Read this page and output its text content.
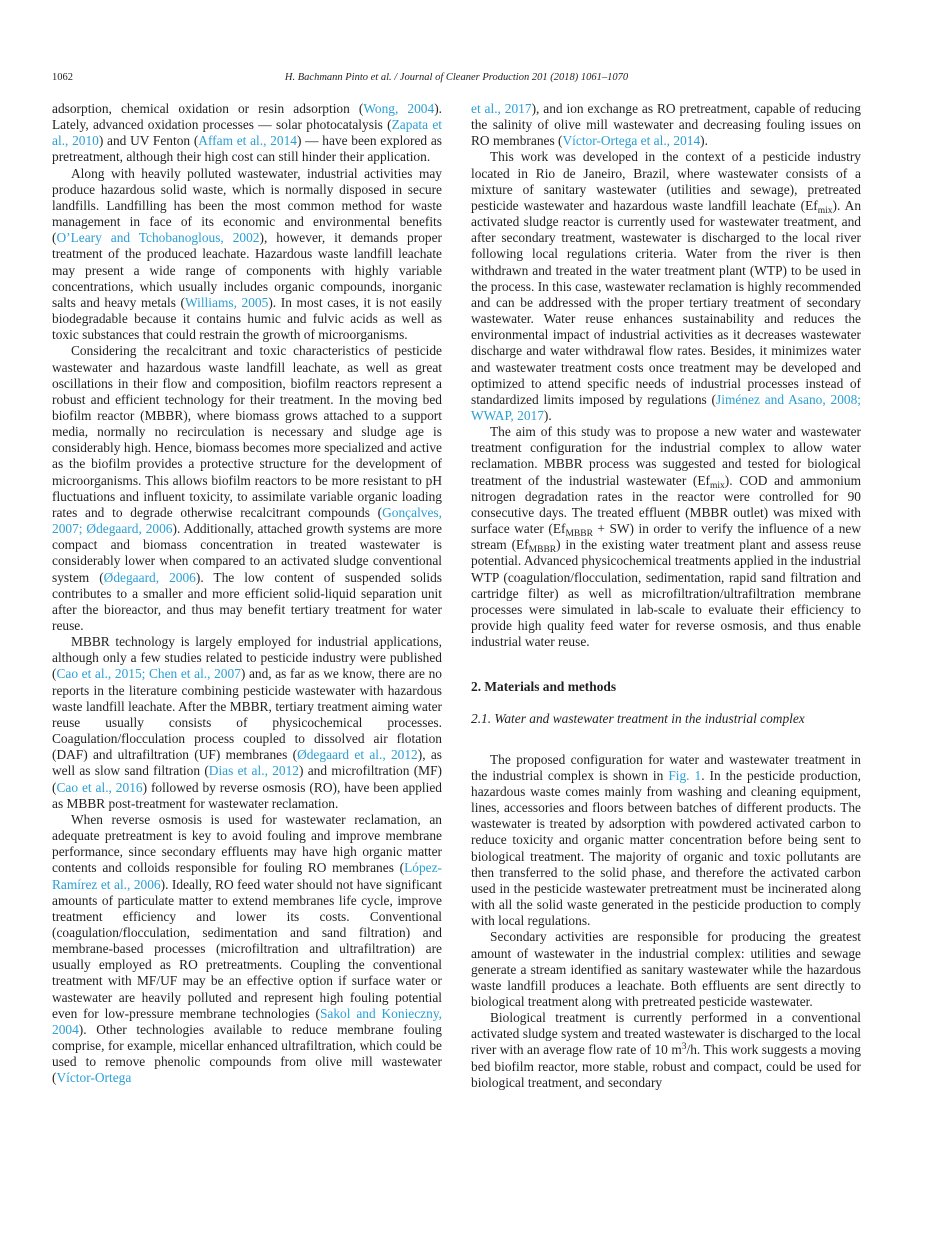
1062	H. Bachmann Pinto et al. / Journal of Cleaner Production 201 (2018) 1061–1070

adsorption, chemical oxidation or resin adsorption (Wong, 2004). Lately, advanced oxidation processes — solar photocatalysis (Zapata et al., 2010) and UV Fenton (Affam et al., 2014) — have been explored as pretreatment, although their high cost can still hinder their application.

Along with heavily polluted wastewater, industrial activities may produce hazardous solid waste, which is normally disposed in secure landfills. Landfilling has been the most common method for waste management in face of its economic and environmental benefits (O’Leary and Tchobanoglous, 2002), however, it demands proper treatment of the produced leachate. Hazardous waste landfill leachate may present a wide range of components with highly variable concentrations, which usually includes organic compounds, inorganic salts and heavy metals (Williams, 2005). In most cases, it is not easily biodegradable because it contains humic and fulvic acids as well as toxic substances that could restrain the growth of microorganisms.

Considering the recalcitrant and toxic characteristics of pesticide wastewater and hazardous waste landfill leachate, as well as great oscillations in their flow and composition, biofilm reactors represent a robust and efficient technology for their treatment. In the moving bed biofilm reactor (MBBR), where biomass grows attached to a support media, normally no recirculation is necessary and sludge age is considerably high. Hence, biomass becomes more specialized and active as the biofilm provides a protective structure for the development of microorganisms. This allows biofilm reactors to be more resistant to pH fluctuations and influent toxicity, to assimilate variable organic loading rates and to degrade otherwise recalcitrant compounds (Gonçalves, 2007; Ødegaard, 2006). Additionally, attached growth systems are more compact and biomass concentration in treated wastewater is considerably lower when compared to an activated sludge conventional system (Ødegaard, 2006). The low content of suspended solids contributes to a smaller and more efficient solid-liquid separation unit after the bioreactor, and thus may benefit tertiary treatment for water reuse.

MBBR technology is largely employed for industrial applications, although only a few studies related to pesticide industry were published (Cao et al., 2015; Chen et al., 2007) and, as far as we know, there are no reports in the literature combining pesticide wastewater with hazardous waste landfill leachate. After the MBBR, tertiary treatment aiming water reuse usually consists of physicochemical processes. Coagulation/flocculation process coupled to dissolved air flotation (DAF) and ultrafiltration (UF) membranes (Ødegaard et al., 2012), as well as slow sand filtration (Dias et al., 2012) and microfiltration (MF) (Cao et al., 2016) followed by reverse osmosis (RO), have been applied as MBBR post-treatment for wastewater reclamation.

When reverse osmosis is used for wastewater reclamation, an adequate pretreatment is key to avoid fouling and improve membrane performance, since secondary effluents may have high organic matter contents and colloids responsible for fouling RO membranes (López-Ramírez et al., 2006). Ideally, RO feed water should not have significant amounts of particulate matter to extend membranes life cycle, improve treatment efficiency and lower its costs. Conventional (coagulation/flocculation, sedimentation and sand filtration) and membrane-based processes (microfiltration and ultrafiltration) are usually employed as RO pretreatments. Coupling the conventional treatment with MF/UF may be an effective option if surface water or wastewater are heavily polluted and represent high fouling potential even for low-pressure membrane technologies (Sakol and Konieczny, 2004). Other technologies available to reduce membrane fouling comprise, for example, micellar enhanced ultrafiltration, which could be used to remove phenolic compounds from olive mill wastewater (Víctor-Ortega

et al., 2017), and ion exchange as RO pretreatment, capable of reducing the salinity of olive mill wastewater and decreasing fouling issues on RO membranes (Víctor-Ortega et al., 2014).

This work was developed in the context of a pesticide industry located in Rio de Janeiro, Brazil, where wastewater consists of a mixture of sanitary wastewater (utilities and sewage), pretreated pesticide wastewater and hazardous waste landfill leachate $(Ef_{mix})$. An activated sludge reactor is currently used for wastewater treatment, and after secondary treatment, wastewater is discharged to the local river following local regulations criteria. Water from the river is then withdrawn and treated in the water treatment plant (WTP) to be used in the process. In this case, wastewater reclamation is highly recommended and can be addressed with the proper tertiary treatment of secondary wastewater. Water reuse enhances sustainability and reduces the environmental impact of industrial activities as it decreases wastewater discharge and water withdrawal flow rates. Besides, it minimizes water and wastewater treatment costs once treatment may be developed and optimized to attend specific needs of industrial processes instead of standardized limits imposed by regulations (Jiménez and Asano, 2008; WWAP, 2017).

The aim of this study was to propose a new water and wastewater treatment configuration for the industrial complex to allow water reclamation. MBBR process was suggested and tested for biological treatment of the industrial wastewater $(Ef_{mix})$. COD and ammonium nitrogen degradation rates in the reactor were controlled for 90 consecutive days. The treated effluent (MBBR outlet) was mixed with surface water $(Ef_{MBBR} + SW)$ in order to verify the influence of a new stream $(Ef_{MBBR})$ in the existing water treatment plant and assess reuse potential. Advanced physicochemical treatments applied in the industrial WTP (coagulation/flocculation, sedimentation, rapid sand filtration and cartridge filter) as well as microfiltration/ultrafiltration membrane processes were simulated in lab-scale to evaluate their efficiency to provide high quality feed water for reverse osmosis, and thus enable industrial water reuse.

2. Materials and methods

2.1. Water and wastewater treatment in the industrial complex

The proposed configuration for water and wastewater treatment in the industrial complex is shown in Fig. 1. In the pesticide production, hazardous waste comes mainly from washing and cleaning equipment, lines, accessories and floors between batches of different products. The wastewater is treated by adsorption with powdered activated carbon to reduce toxicity and organic matter concentration before being sent to biological treatment. The majority of organic and toxic pollutants are then transferred to the solid phase, and therefore the activated carbon used in the pesticide wastewater pretreatment must be incinerated along with all the solid waste generated in the pesticide production to comply with local regulations.

Secondary activities are responsible for producing the greatest amount of wastewater in the industrial complex: utilities and sewage generate a stream identified as sanitary wastewater while the hazardous waste landfill produces a leachate. Both effluents are sent directly to biological treatment along with pretreated pesticide wastewater.

Biological treatment is currently performed in a conventional activated sludge system and treated wastewater is discharged to the local river with an average flow rate of 10 $m^3/h$. This work suggests a moving bed biofilm reactor, more stable, robust and compact, could be used for biological treatment, and secondary
